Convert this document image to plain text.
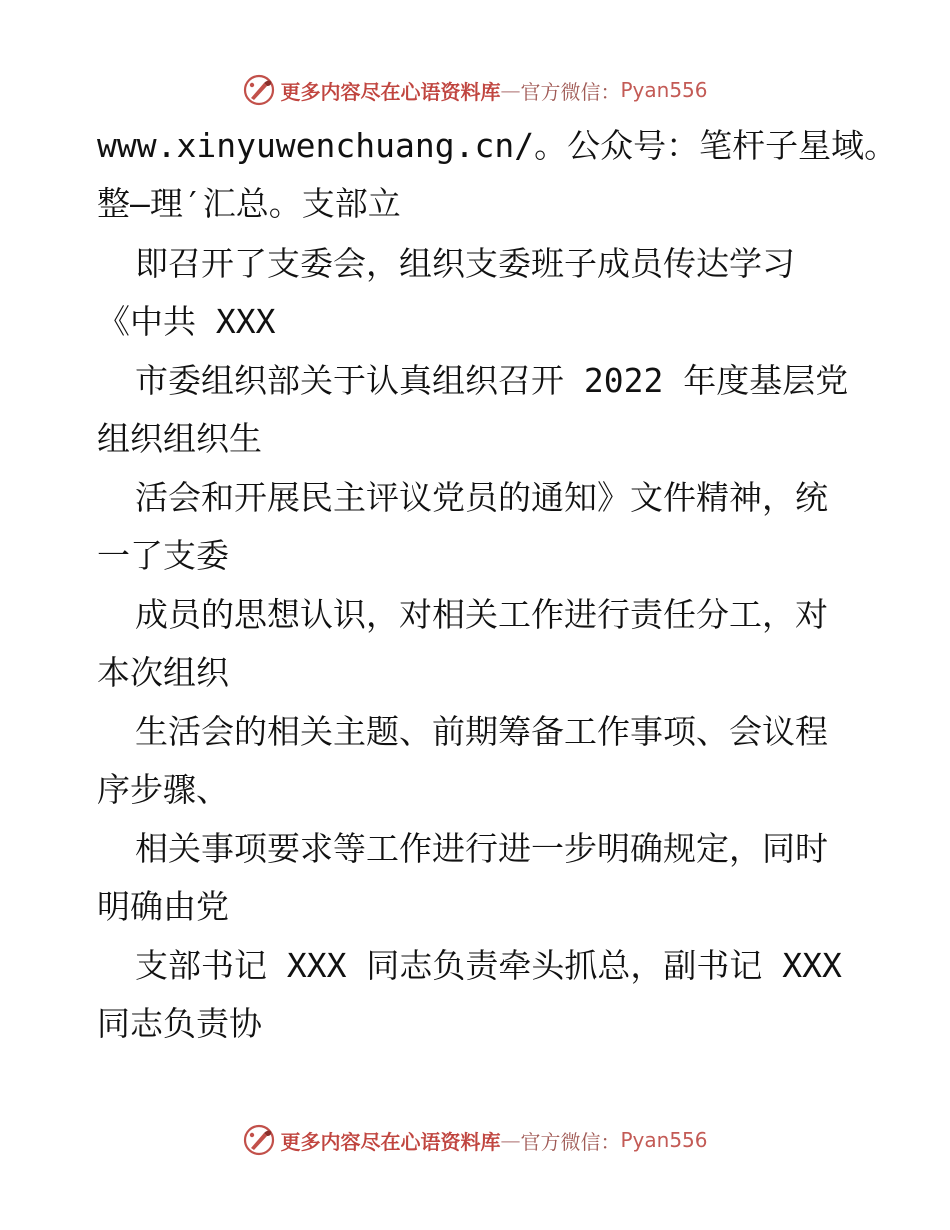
更多内容尽在心语资料库 — 官方微信： Pyan556

www.xinyuwenchuang.cn/。公众号：笔杆子星域。

整—理′汇总。支部立

即召开了支委会，组织支委班子成员传达学习

《中共 XXX

市委组织部关于认真组织召开 2022 年度基层党

组织组织生

活会和开展民主评议党员的通知》文件精神，统

一了支委

成员的思想认识，对相关工作进行责任分工，对

本次组织

生活会的相关主题、前期筹备工作事项、会议程

序步骤、

相关事项要求等工作进行进一步明确规定，同时

明确由党

支部书记 XXX 同志负责牵头抓总，副书记 XXX

同志负责协

更多内容尽在心语资料库 — 官方微信： Pyan556
